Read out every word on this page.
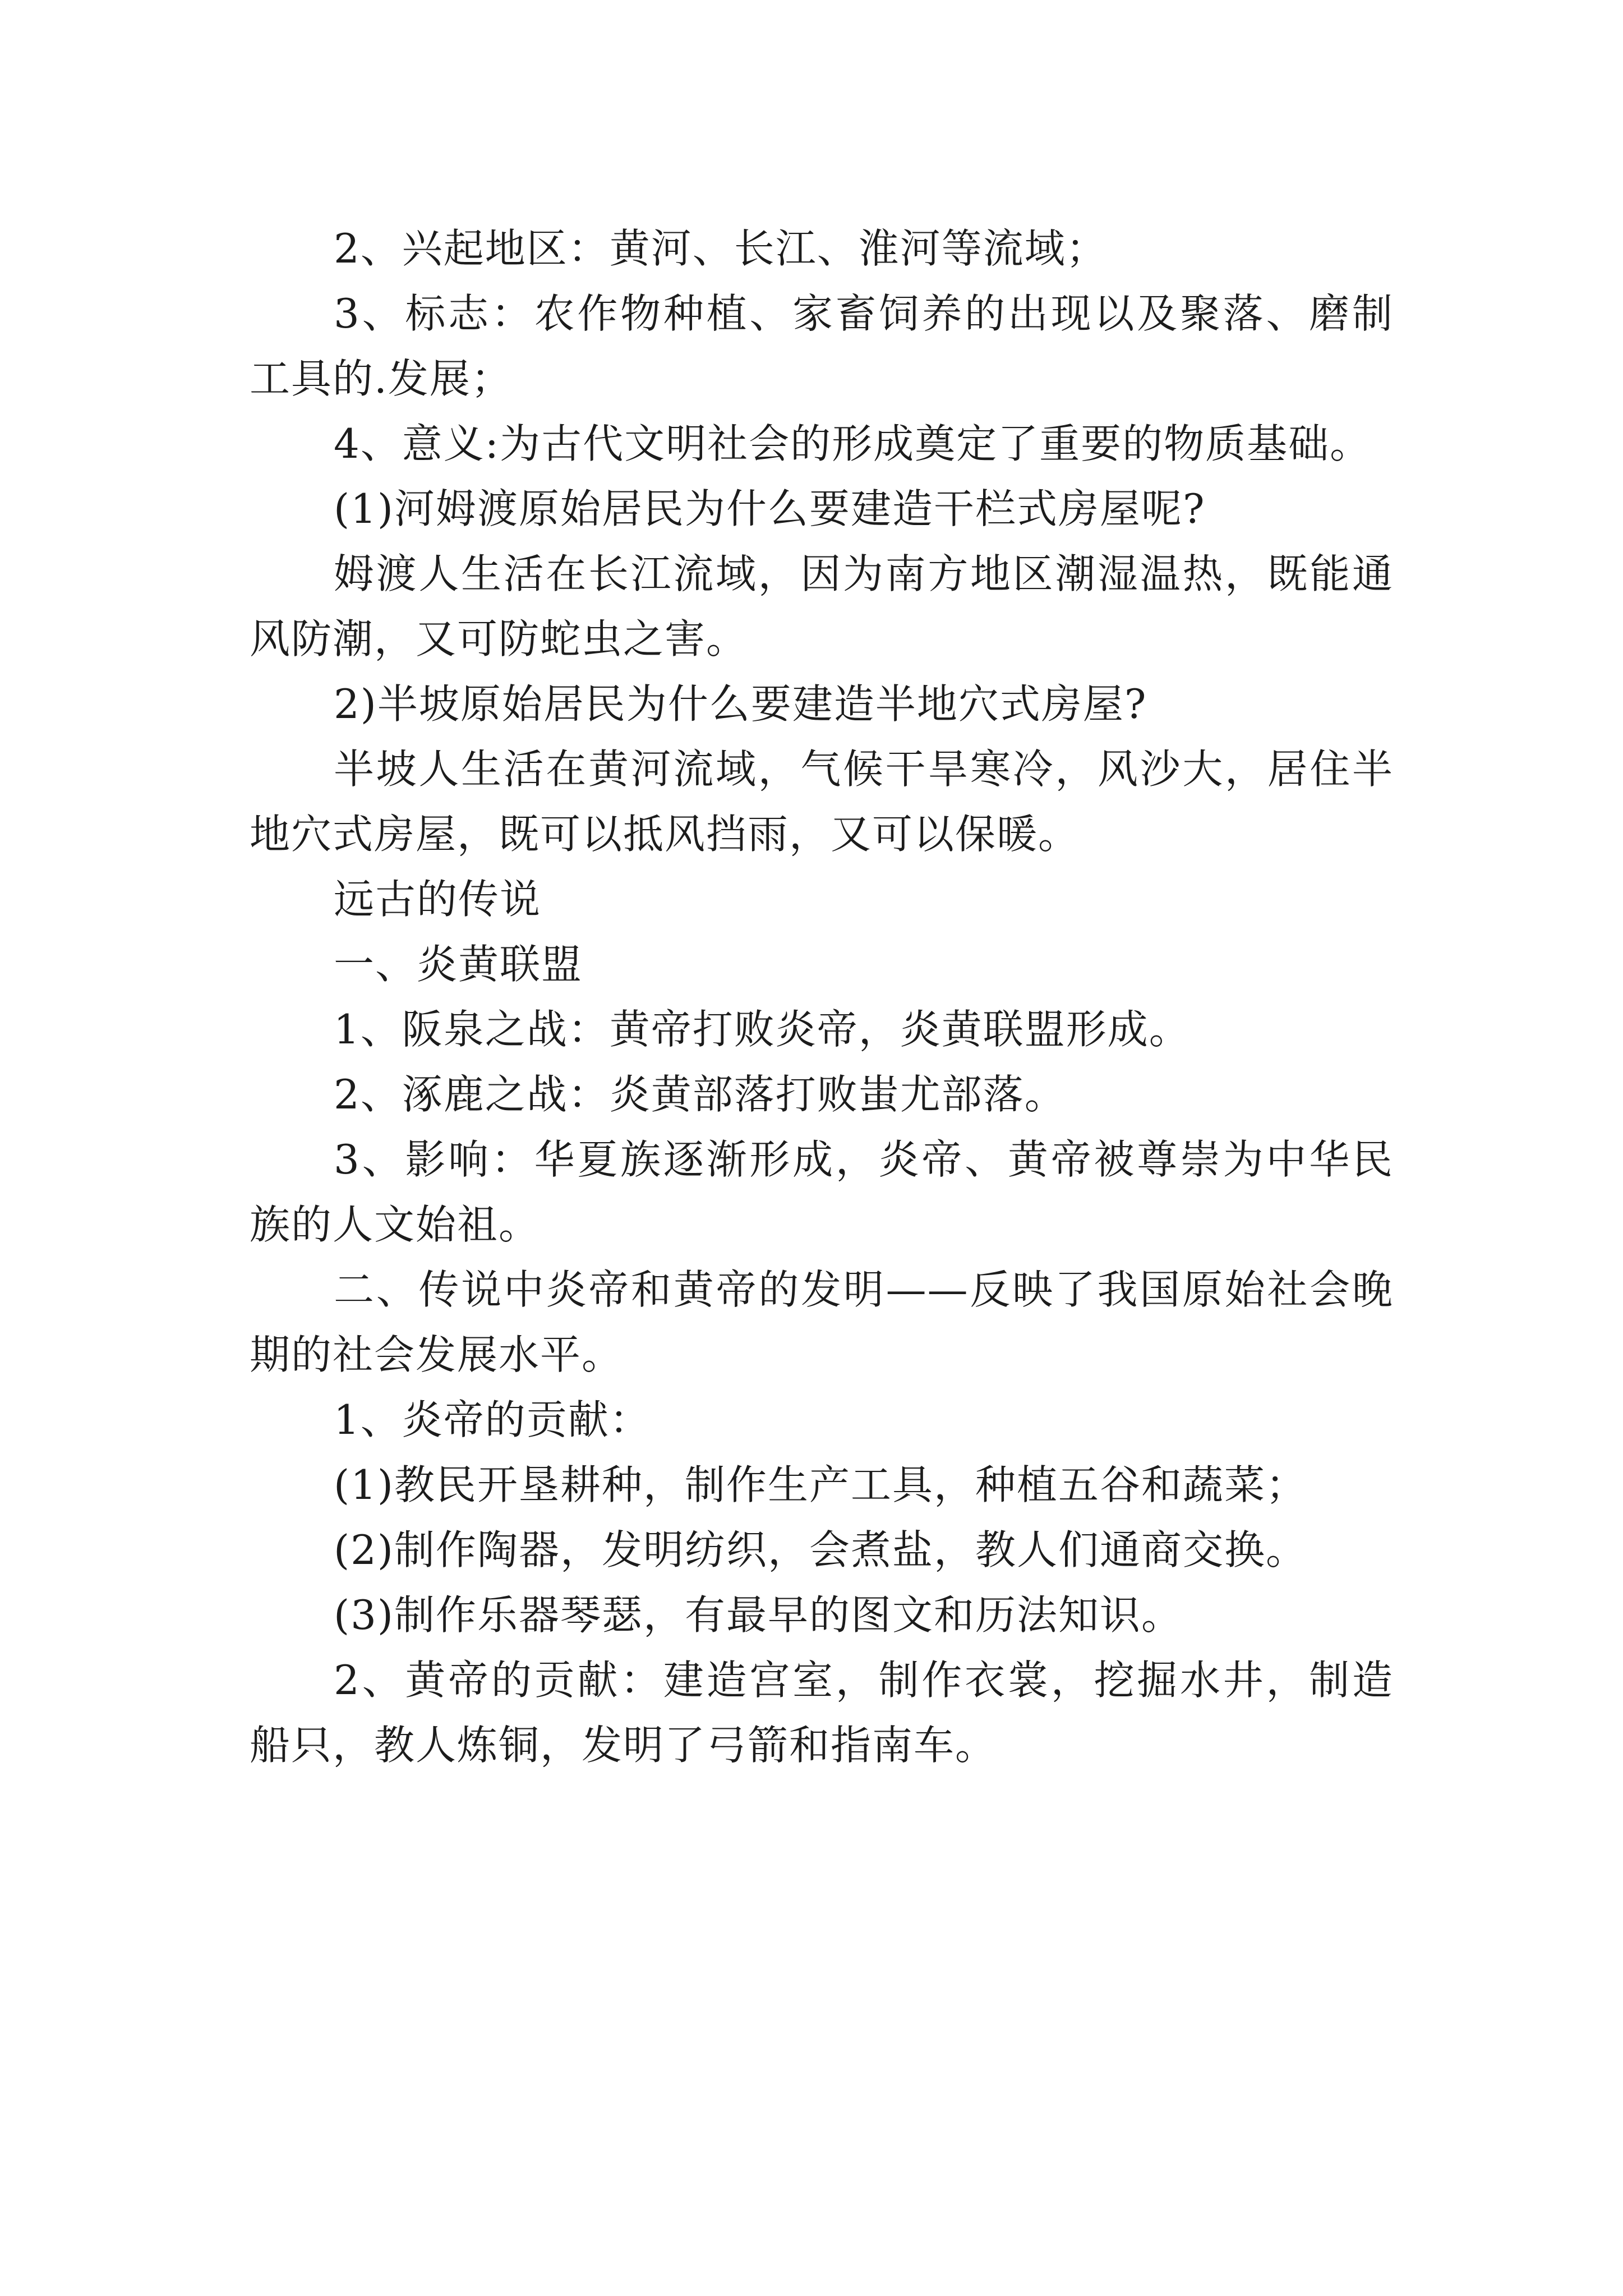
2、兴起地区：黄河、长江、淮河等流域；

3、标志：农作物种植、家畜饲养的出现以及聚落、磨制工具的.发展；

4、意义:为古代文明社会的形成奠定了重要的物质基础。

(1)河姆渡原始居民为什么要建造干栏式房屋呢?

姆渡人生活在长江流域，因为南方地区潮湿温热，既能通风防潮，又可防蛇虫之害。

2)半坡原始居民为什么要建造半地穴式房屋?

半坡人生活在黄河流域，气候干旱寒冷，风沙大，居住半地穴式房屋，既可以抵风挡雨，又可以保暖。

远古的传说

一、炎黄联盟

1、阪泉之战：黄帝打败炎帝，炎黄联盟形成。

2、涿鹿之战：炎黄部落打败蚩尤部落。

3、影响：华夏族逐渐形成，炎帝、黄帝被尊崇为中华民族的人文始祖。

二、传说中炎帝和黄帝的发明——反映了我国原始社会晚期的社会发展水平。

1、炎帝的贡献：

(1)教民开垦耕种，制作生产工具，种植五谷和蔬菜；

(2)制作陶器，发明纺织，会煮盐，教人们通商交换。

(3)制作乐器琴瑟，有最早的图文和历法知识。

2、黄帝的贡献：建造宫室，制作衣裳，挖掘水井，制造船只，教人炼铜，发明了弓箭和指南车。
